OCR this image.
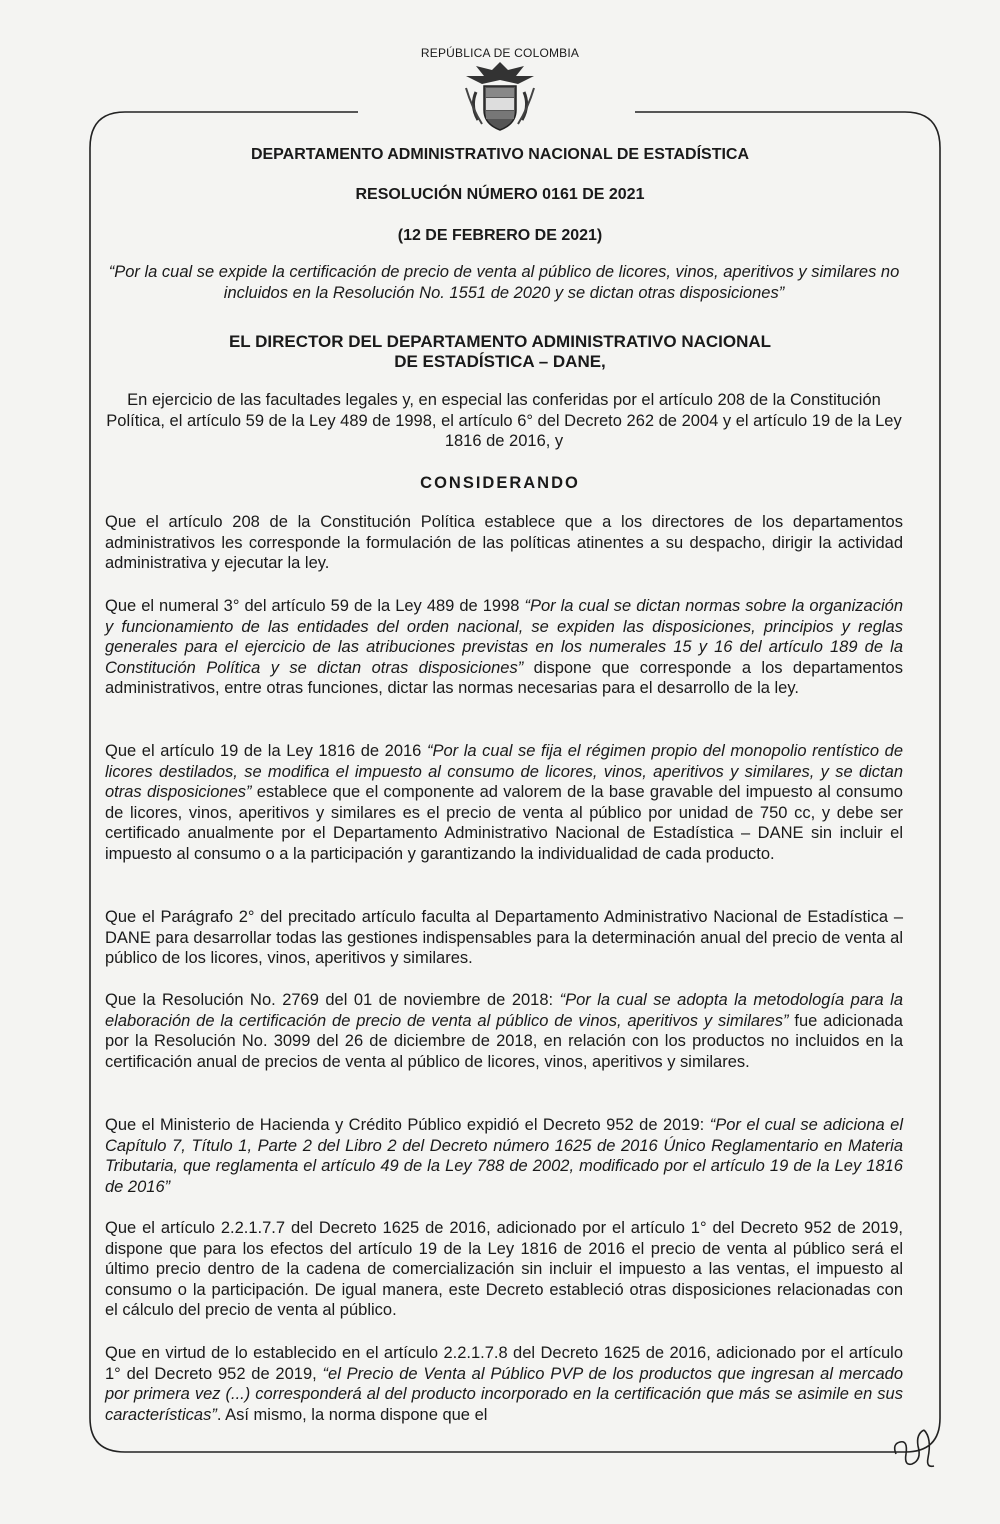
REPÚBLICA DE COLOMBIA
DEPARTAMENTO ADMINISTRATIVO NACIONAL DE ESTADÍSTICA
RESOLUCIÓN NÚMERO 0161 DE 2021
(12 DE FEBRERO DE 2021)
“Por la cual se expide la certificación de precio de venta al público de licores, vinos, aperitivos y similares no incluidos en la Resolución No. 1551 de 2020 y se dictan otras disposiciones”
EL DIRECTOR DEL DEPARTAMENTO ADMINISTRATIVO NACIONAL
DE ESTADÍSTICA – DANE,
En ejercicio de las facultades legales y, en especial las conferidas por el artículo 208 de la Constitución Política, el artículo 59 de la Ley 489 de 1998, el artículo 6° del Decreto 262 de 2004 y el artículo 19 de la Ley 1816 de 2016, y
CONSIDERANDO
Que el artículo 208 de la Constitución Política establece que a los directores de los departamentos administrativos les corresponde la formulación de las políticas atinentes a su despacho, dirigir la actividad administrativa y ejecutar la ley.
Que el numeral 3° del artículo 59 de la Ley 489 de 1998 “Por la cual se dictan normas sobre la organización y funcionamiento de las entidades del orden nacional, se expiden las disposiciones, principios y reglas generales para el ejercicio de las atribuciones previstas en los numerales 15 y 16 del artículo 189 de la Constitución Política y se dictan otras disposiciones” dispone que corresponde a los departamentos administrativos, entre otras funciones, dictar las normas necesarias para el desarrollo de la ley.
Que el artículo 19 de la Ley 1816 de 2016 “Por la cual se fija el régimen propio del monopolio rentístico de licores destilados, se modifica el impuesto al consumo de licores, vinos, aperitivos y similares, y se dictan otras disposiciones” establece que el componente ad valorem de la base gravable del impuesto al consumo de licores, vinos, aperitivos y similares es el precio de venta al público por unidad de 750 cc, y debe ser certificado anualmente por el Departamento Administrativo Nacional de Estadística – DANE sin incluir el impuesto al consumo o a la participación y garantizando la individualidad de cada producto.
Que el Parágrafo 2° del precitado artículo faculta al Departamento Administrativo Nacional de Estadística – DANE para desarrollar todas las gestiones indispensables para la determinación anual del precio de venta al público de los licores, vinos, aperitivos y similares.
Que la Resolución No. 2769 del 01 de noviembre de 2018: “Por la cual se adopta la metodología para la elaboración de la certificación de precio de venta al público de vinos, aperitivos y similares” fue adicionada por la Resolución No. 3099 del 26 de diciembre de 2018, en relación con los productos no incluidos en la certificación anual de precios de venta al público de licores, vinos, aperitivos y similares.
Que el Ministerio de Hacienda y Crédito Público expidió el Decreto 952 de 2019: “Por el cual se adiciona el Capítulo 7, Título 1, Parte 2 del Libro 2 del Decreto número 1625 de 2016 Único Reglamentario en Materia Tributaria, que reglamenta el artículo 49 de la Ley 788 de 2002, modificado por el artículo 19 de la Ley 1816 de 2016”
Que el artículo 2.2.1.7.7 del Decreto 1625 de 2016, adicionado por el artículo 1° del Decreto 952 de 2019, dispone que para los efectos del artículo 19 de la Ley 1816 de 2016 el precio de venta al público será el último precio dentro de la cadena de comercialización sin incluir el impuesto a las ventas, el impuesto al consumo o la participación. De igual manera, este Decreto estableció otras disposiciones relacionadas con el cálculo del precio de venta al público.
Que en virtud de lo establecido en el artículo 2.2.1.7.8 del Decreto 1625 de 2016, adicionado por el artículo 1° del Decreto 952 de 2019, “el Precio de Venta al Público PVP de los productos que ingresan al mercado por primera vez (...) corresponderá al del producto incorporado en la certificación que más se asimile en sus características”. Así mismo, la norma dispone que el
